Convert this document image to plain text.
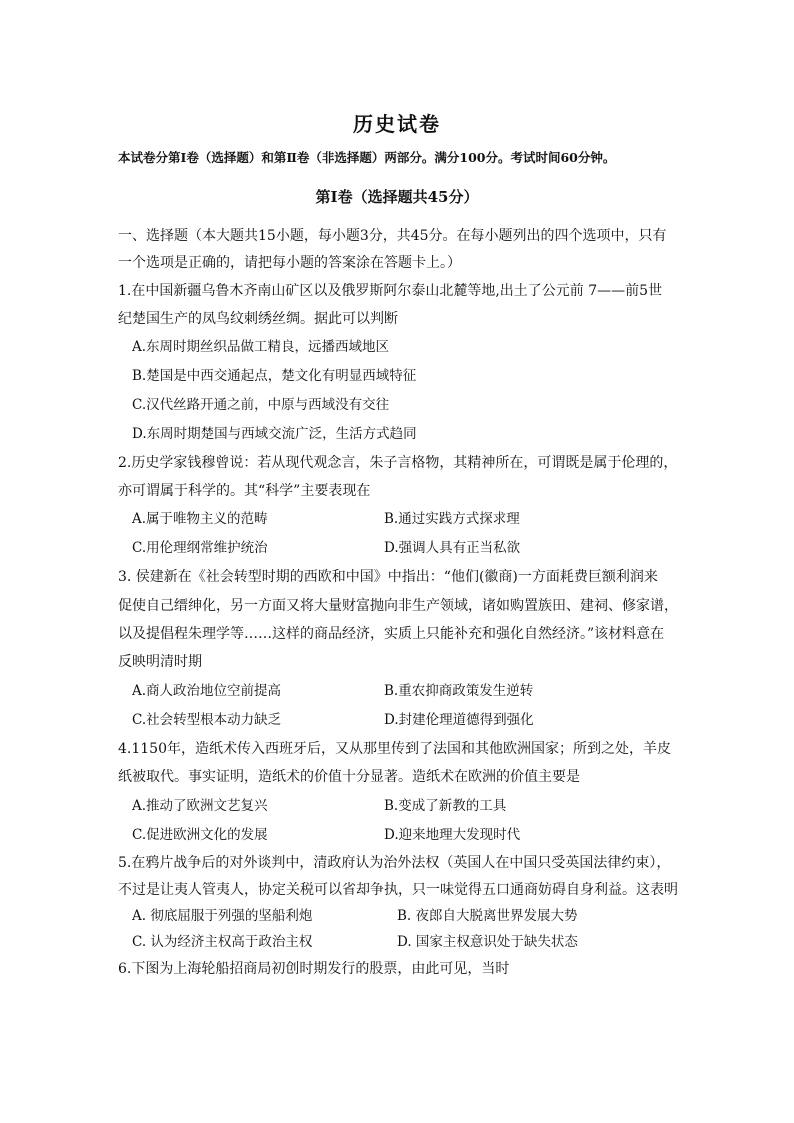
历史试卷
本试卷分第Ⅰ卷（选择题）和第Ⅱ卷（非选择题）两部分。满分100分。考试时间60分钟。
第Ⅰ卷（选择题共45分）
一、选择题（本大题共15小题，每小题3分，共45分。在每小题列出的四个选项中，只有
一个选项是正确的，请把每小题的答案涂在答题卡上。）
1.在中国新疆乌鲁木齐南山矿区以及俄罗斯阿尔泰山北麓等地,出土了公元前 7——前5世
纪楚国生产的凤鸟纹刺绣丝绸。据此可以判断
A.东周时期丝织品做工精良，远播西域地区
B.楚国是中西交通起点，楚文化有明显西域特征
C.汉代丝路开通之前，中原与西域没有交往
D.东周时期楚国与西域交流广泛，生活方式趋同
2.历史学家钱穆曾说：若从现代观念言，朱子言格物，其精神所在，可谓既是属于伦理的，
亦可谓属于科学的。其“科学”主要表现在
A.属于唯物主义的范畴	B.通过实践方式探求理
C.用伦理纲常维护统治	D.强调人具有正当私欲
3. 侯建新在《社会转型时期的西欧和中国》中指出：“他们(徽商)一方面耗费巨额利润来
促使自己缙绅化，另一方面又将大量财富抛向非生产领域，诸如购置族田、建祠、修家谱，
以及提倡程朱理学等……这样的商品经济，实质上只能补充和强化自然经济。”该材料意在
反映明清时期
A.商人政治地位空前提高	B.重农抑商政策发生逆转
C.社会转型根本动力缺乏	D.封建伦理道德得到强化
4.1150年，造纸术传入西班牙后，又从那里传到了法国和其他欧洲国家；所到之处，羊皮
纸被取代。事实证明，造纸术的价值十分显著。造纸术在欧洲的价值主要是
A.推动了欧洲文艺复兴	B.变成了新教的工具
C.促进欧洲文化的发展	D.迎来地理大发现时代
5.在鸦片战争后的对外谈判中，清政府认为治外法权（英国人在中国只受英国法律约束），
不过是让夷人管夷人，协定关税可以省却争执，只一味觉得五口通商妨碍自身利益。这表明
A. 彻底屈服于列强的坚船利炮	B. 夜郎自大脱离世界发展大势
C. 认为经济主权高于政治主权	D. 国家主权意识处于缺失状态
6.下图为上海轮船招商局初创时期发行的股票，由此可见，当时
